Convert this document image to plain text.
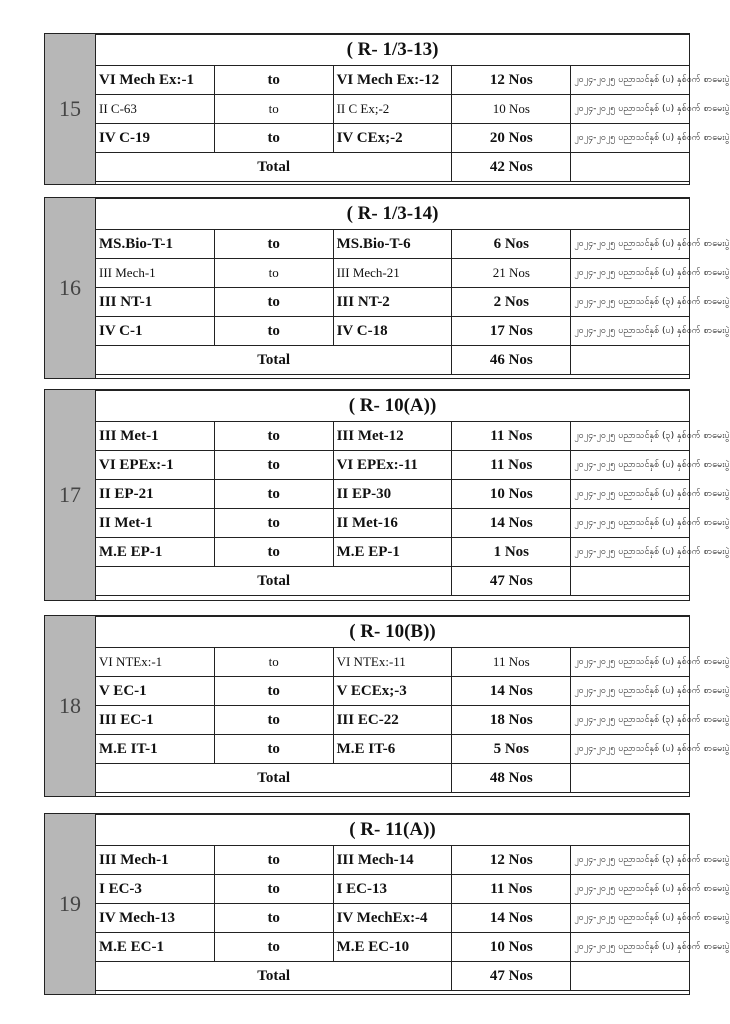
15
( R- 1/3-13)				
VI Mech Ex:-1	to	VI Mech Ex:-12	12 Nos	၂၀၂၄-၂၀၂၅ ပညာသင်နှစ် (ပ) နှစ်ဝက် စာမေးပွဲ
II C-63	to	II C Ex;-2	10 Nos	၂၀၂၄-၂၀၂၅ ပညာသင်နှစ် (ပ) နှစ်ဝက် စာမေးပွဲ
IV C-19	to	IV CEx;-2	20 Nos	၂၀၂၄-၂၀၂၅ ပညာသင်နှစ် (ပ) နှစ်ဝက် စာမေးပွဲ
Total			42 Nos	
16
( R- 1/3-14)				
MS.Bio-T-1	to	MS.Bio-T-6	6 Nos	၂၀၂၄-၂၀၂၅ ပညာသင်နှစ် (ပ) နှစ်ဝက် စာမေးပွဲ
III Mech-1	to	III Mech-21	21 Nos	၂၀၂၄-၂၀၂၅ ပညာသင်နှစ် (ပ) နှစ်ဝက် စာမေးပွဲ
III NT-1	to	III NT-2	2 Nos	၂၀၂၄-၂၀၂၅ ပညာသင်နှစ် (၃) နှစ်ဝက် စာမေးပွဲ
IV C-1	to	IV C-18	17 Nos	၂၀၂၄-၂၀၂၅ ပညာသင်နှစ် (ပ) နှစ်ဝက် စာမေးပွဲ
Total			46 Nos	
17
( R- 10(A))				
III Met-1	to	III Met-12	11 Nos	၂၀၂၄-၂၀၂၅ ပညာသင်နှစ် (၃) နှစ်ဝက် စာမေးပွဲ
VI EPEx:-1	to	VI EPEx:-11	11 Nos	၂၀၂၄-၂၀၂၅ ပညာသင်နှစ် (ပ) နှစ်ဝက် စာမေးပွဲ
II EP-21	to	II EP-30	10 Nos	၂၀၂၄-၂၀၂၅ ပညာသင်နှစ် (ပ) နှစ်ဝက် စာမေးပွဲ
II Met-1	to	II Met-16	14 Nos	၂၀၂၄-၂၀၂၅ ပညာသင်နှစ် (ပ) နှစ်ဝက် စာမေးပွဲ
M.E EP-1	to	M.E EP-1	1 Nos	၂၀၂၄-၂၀၂၅ ပညာသင်နှစ် (ပ) နှစ်ဝက် စာမေးပွဲ
Total			47 Nos	
18
( R- 10(B))				
VI NTEx:-1	to	VI NTEx:-11	11 Nos	၂၀၂၄-၂၀၂၅ ပညာသင်နှစ် (ပ) နှစ်ဝက် စာမေးပွဲ
V EC-1	to	V ECEx;-3	14 Nos	၂၀၂၄-၂၀၂၅ ပညာသင်နှစ် (ပ) နှစ်ဝက် စာမေးပွဲ
III EC-1	to	III EC-22	18 Nos	၂၀၂၄-၂၀၂၅ ပညာသင်နှစ် (၃) နှစ်ဝက် စာမေးပွဲ
M.E IT-1	to	M.E IT-6	5 Nos	၂၀၂၄-၂၀၂၅ ပညာသင်နှစ် (ပ) နှစ်ဝက် စာမေးပွဲ
Total			48 Nos	
19
( R- 11(A))				
III Mech-1	to	III Mech-14	12 Nos	၂၀၂၄-၂၀၂၅ ပညာသင်နှစ် (၃) နှစ်ဝက် စာမေးပွဲ
I EC-3	to	I EC-13	11 Nos	၂၀၂၄-၂၀၂၅ ပညာသင်နှစ် (ပ) နှစ်ဝက် စာမေးပွဲ
IV Mech-13	to	IV MechEx:-4	14 Nos	၂၀၂၄-၂၀၂၅ ပညာသင်နှစ် (ပ) နှစ်ဝက် စာမေးပွဲ
M.E EC-1	to	M.E EC-10	10 Nos	၂၀၂၄-၂၀၂၅ ပညာသင်နှစ် (ပ) နှစ်ဝက် စာမေးပွဲ
Total			47 Nos	
